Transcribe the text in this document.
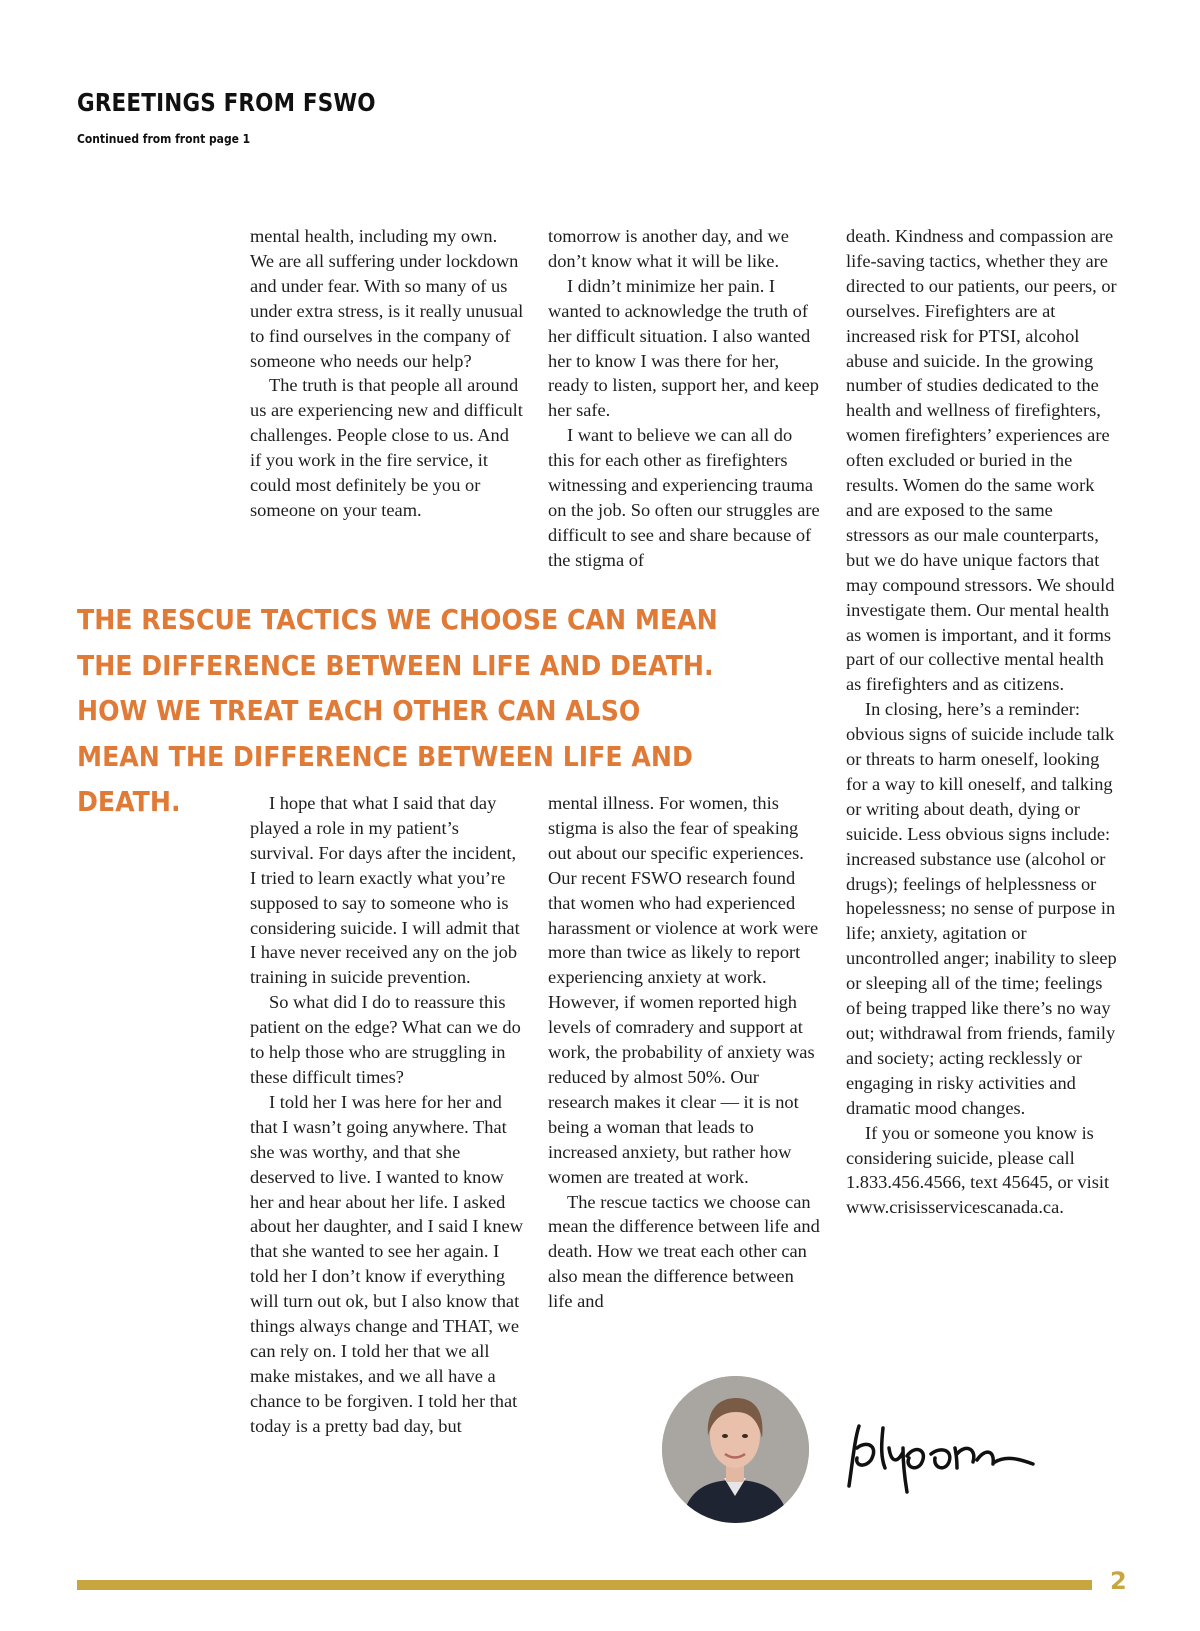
GREETINGS FROM FSWO

Continued from front page 1

mental health, including my own. We are all suffering under lockdown and under fear. With so many of us under extra stress, is it really unusual to find ourselves in the company of someone who needs our help?

The truth is that people all around us are experiencing new and difficult challenges. People close to us. And if you work in the fire service, it could most definitely be you or someone on your team.

tomorrow is another day, and we don’t know what it will be like.

I didn’t minimize her pain. I wanted to acknowledge the truth of her difficult situation. I also wanted her to know I was there for her, ready to listen, support her, and keep her safe.

I want to believe we can all do this for each other as firefighters witnessing and experiencing trauma on the job. So often our struggles are difficult to see and share because of the stigma of

death. Kindness and compassion are life-saving tactics, whether they are directed to our patients, our peers, or ourselves. Firefighters are at increased risk for PTSI, alcohol abuse and suicide. In the growing number of studies dedicated to the health and wellness of firefighters, women firefighters’ experiences are often excluded or buried in the results. Women do the same work and are exposed to the same stressors as our male counterparts, but we do have unique factors that may compound stressors. We should investigate them. Our mental health as women is important, and it forms part of our collective mental health as firefighters and as citizens.

In closing, here’s a reminder: obvious signs of suicide include talk or threats to harm oneself, looking for a way to kill oneself, and talking or writing about death, dying or suicide. Less obvious signs include: increased substance use (alcohol or drugs); feelings of helplessness or hopelessness; no sense of purpose in life; anxiety, agitation or uncontrolled anger; inability to sleep or sleeping all of the time; feelings of being trapped like there’s no way out; withdrawal from friends, family and society; acting recklessly or engaging in risky activities and dramatic mood changes.

If you or someone you know is considering suicide, please call 1.833.456.4566, text 45645, or visit www.crisisservicescanada.ca.

THE RESCUE TACTICS WE CHOOSE CAN MEAN THE DIFFERENCE BETWEEN LIFE AND DEATH. HOW WE TREAT EACH OTHER CAN ALSO MEAN THE DIFFERENCE BETWEEN LIFE AND DEATH.	I hope that what I said that day played a role in my patient’s survival. For days after the incident, I tried to learn exactly what you’re supposed to say to someone who is considering suicide. I will admit that I have never received any on the job training in suicide prevention.

So what did I do to reassure this patient on the edge? What can we do to help those who are struggling in these difficult times?

I told her I was here for her and that I wasn’t going anywhere. That she was worthy, and that she deserved to live. I wanted to know her and hear about her life. I asked about her daughter, and I said I knew that she wanted to see her again. I told her I don’t know if everything will turn out ok, but I also know that things always change and THAT, we can rely on. I told her that we all make mistakes, and we all have a chance to be forgiven. I told her that today is a pretty bad day, but

mental illness. For women, this stigma is also the fear of speaking out about our specific experiences. Our recent FSWO research found that women who had experienced harassment or violence at work were more than twice as likely to report experiencing anxiety at work. However, if women reported high levels of comradery and support at work, the probability of anxiety was reduced by almost 50%. Our research makes it clear — it is not being a woman that leads to increased anxiety, but rather how women are treated at work.

The rescue tactics we choose can mean the difference between life and death. How we treat each other can also mean the difference between life and

2
